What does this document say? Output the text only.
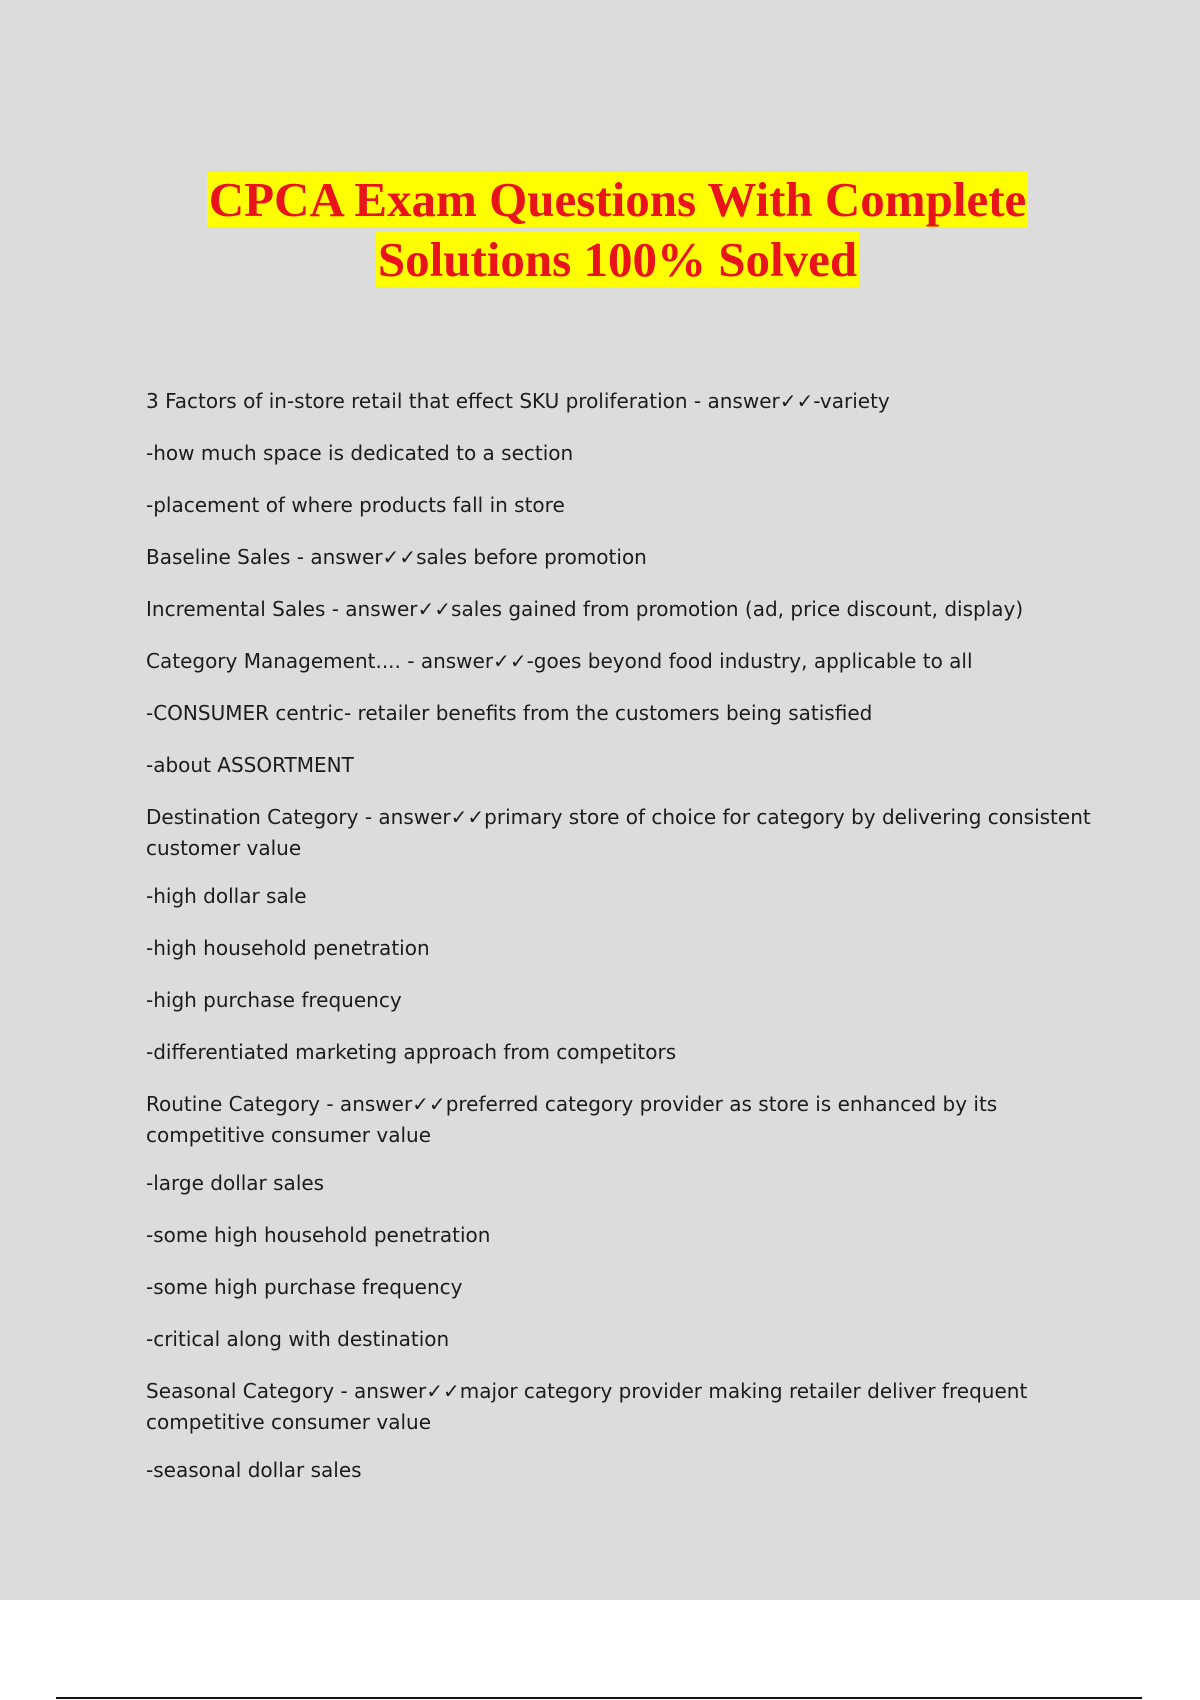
CPCA Exam Questions With Complete
Solutions 100% Solved

3 Factors of in-store retail that effect SKU proliferation - answer✓✓-variety

-how much space is dedicated to a section

-placement of where products fall in store

Baseline Sales - answer✓✓sales before promotion

Incremental Sales - answer✓✓sales gained from promotion (ad, price discount, display)

Category Management.... - answer✓✓-goes beyond food industry, applicable to all

-CONSUMER centric- retailer benefits from the customers being satisfied

-about ASSORTMENT

Destination Category - answer✓✓primary store of choice for category by delivering consistent customer value

-high dollar sale

-high household penetration

-high purchase frequency

-differentiated marketing approach from competitors

Routine Category - answer✓✓preferred category provider as store is enhanced by its competitive consumer value

-large dollar sales

-some high household penetration

-some high purchase frequency

-critical along with destination

Seasonal Category - answer✓✓major category provider making retailer deliver frequent competitive consumer value

-seasonal dollar sales
